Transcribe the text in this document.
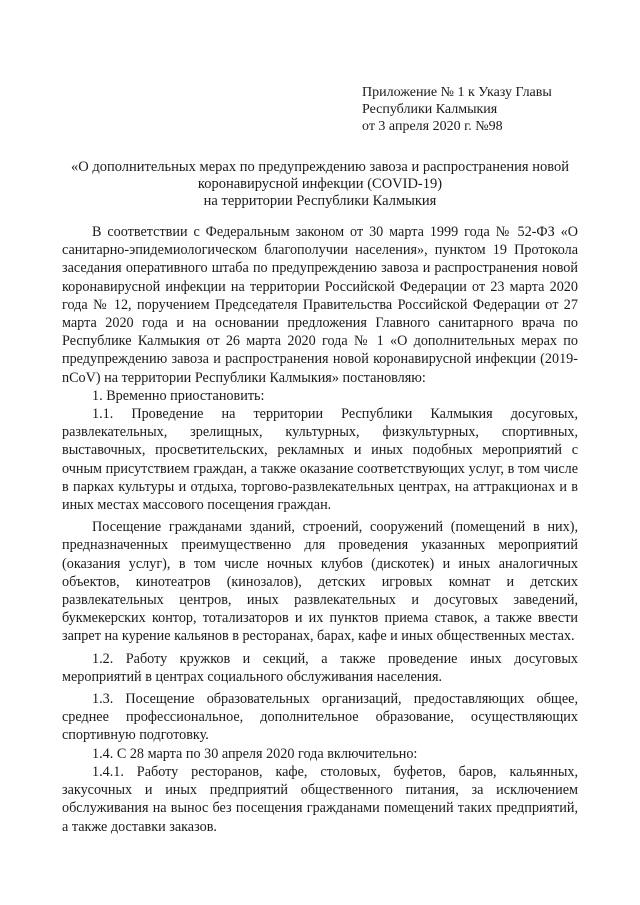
Приложение № 1 к Указу Главы
Республики Калмыкия
от 3 апреля 2020 г. №98
«О дополнительных мерах по предупреждению завоза и распространения новой
коронавирусной инфекции (COVID-19)
на территории Республики Калмыкия

В соответствии с Федеральным законом от 30 марта 1999 года № 52-ФЗ «О санитарно-эпидемиологическом благополучии населения», пунктом 19 Протокола заседания оперативного штаба по предупреждению завоза и распространения новой коронавирусной инфекции на территории Российской Федерации от 23 марта 2020 года № 12, поручением Председателя Правительства Российской Федерации от 27 марта 2020 года и на основании предложения Главного санитарного врача по Республике Калмыкия от 26 марта 2020 года № 1 «О дополнительных мерах по предупреждению завоза и распространения новой коронавирусной инфекции (2019-nCoV) на территории Республики Калмыкия» постановляю:

1. Временно приостановить:

1.1. Проведение на территории Республики Калмыкия досуговых, развлекательных, зрелищных, культурных, физкультурных, спортивных, выставочных, просветительских, рекламных и иных подобных мероприятий с очным присутствием граждан, а также оказание соответствующих услуг, в том числе в парках культуры и отдыха, торгово-развлекательных центрах, на аттракционах и в иных местах массового посещения граждан.

Посещение гражданами зданий, строений, сооружений (помещений в них), предназначенных преимущественно для проведения указанных мероприятий (оказания услуг), в том числе ночных клубов (дискотек) и иных аналогичных объектов, кинотеатров (кинозалов), детских игровых комнат и детских развлекательных центров, иных развлекательных и досуговых заведений, букмекерских контор, тотализаторов и их пунктов приема ставок, а также ввести запрет на курение кальянов в ресторанах, барах, кафе и иных общественных местах.

1.2. Работу кружков и секций, а также проведение иных досуговых мероприятий в центрах социального обслуживания населения.

1.3. Посещение образовательных организаций, предоставляющих общее, среднее профессиональное, дополнительное образование, осуществляющих спортивную подготовку.

1.4. С 28 марта по 30 апреля 2020 года включительно:

1.4.1. Работу ресторанов, кафе, столовых, буфетов, баров, кальянных, закусочных и иных предприятий общественного питания, за исключением обслуживания на вынос без посещения гражданами помещений таких предприятий, а также доставки заказов.
